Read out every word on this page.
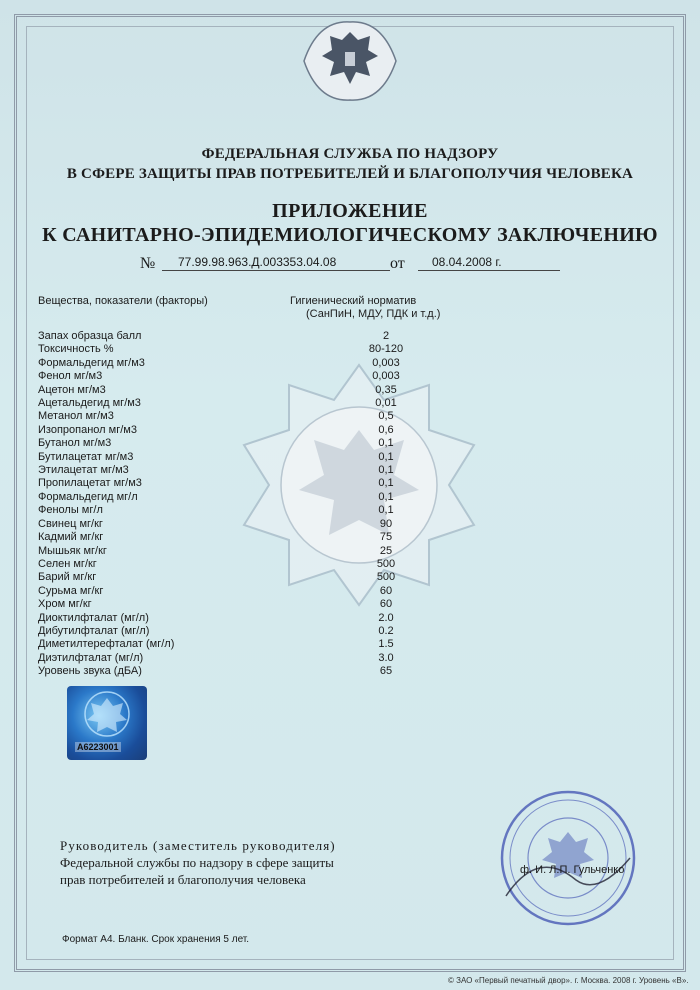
ФЕДЕРАЛЬНАЯ СЛУЖБА ПО НАДЗОРУ
В СФЕРЕ ЗАЩИТЫ ПРАВ ПОТРЕБИТЕЛЕЙ И БЛАГОПОЛУЧИЯ ЧЕЛОВЕКА
ПРИЛОЖЕНИЕ
К САНИТАРНО-ЭПИДЕМИОЛОГИЧЕСКОМУ ЗАКЛЮЧЕНИЮ
№ 77.99.98.963.Д.003353.04.08	от 08.04.2008 г.
Вещества, показатели (факторы)	Гигиенический норматив
(СанПиН, МДУ, ПДК и т.д.)
Запах образца балл	2
Токсичность %	80-120
Формальдегид мг/м3	0,003
Фенол мг/м3	0,003
Ацетон мг/м3	0,35
Ацетальдегид мг/м3	0,01
Метанол мг/м3	0,5
Изопропанол мг/м3	0,6
Бутанол мг/м3	0,1
Бутилацетат мг/м3	0,1
Этилацетат мг/м3	0,1
Пропилацетат мг/м3	0,1
Формальдегид мг/л	0,1
Фенолы мг/л	0,1
Свинец мг/кг	90
Кадмий мг/кг	75
Мышьяк мг/кг	25
Селен мг/кг	500
Барий мг/кг	500
Сурьма мг/кг	60
Хром мг/кг	60
Диоктилфталат (мг/л)	2.0
Дибутилфталат (мг/л)	0.2
Диметилтерефталат (мг/л)	1.5
Диэтилфталат (мг/л)	3.0
Уровень звука (дБА)	65
А6223001
Руководитель (заместитель руководителя)
Федеральной службы по надзору в сфере защиты
прав потребителей и благополучия человека
ф. И. Л.П. Гульченко
Формат А4. Бланк. Срок хранения 5 лет.
© ЗАО «Первый печатный двор». г. Москва. 2008 г. Уровень «В».
